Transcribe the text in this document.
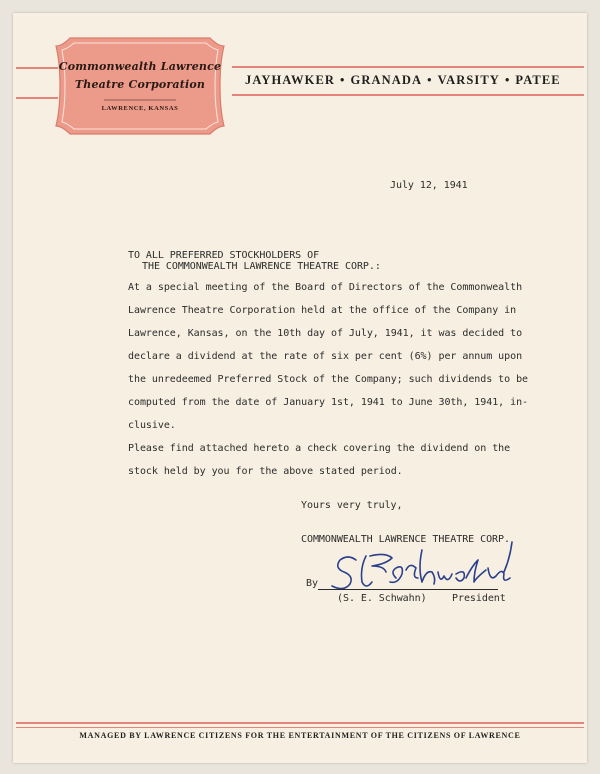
Commonwealth Lawrence
Theatre Corporation
LAWRENCE, KANSAS
JAYHAWKER • GRANADA • VARSITY • PATEE
July 12, 1941
TO ALL PREFERRED STOCKHOLDERS OF
THE COMMONWEALTH LAWRENCE THEATRE CORP.:
At a special meeting of the Board of Directors of the Commonwealth
Lawrence Theatre Corporation held at the office of the Company in
Lawrence, Kansas, on the 10th day of July, 1941, it was decided to
declare a dividend at the rate of six per cent (6%) per annum upon
the unredeemed Preferred Stock of the Company; such dividends to be
computed from the date of January 1st, 1941 to June 30th, 1941, in-
clusive.
Please find attached hereto a check covering the dividend on the
stock held by you for the above stated period.
Yours very truly,
COMMONWEALTH LAWRENCE THEATRE CORP.
By
(S. E. Schwahn)	President
MANAGED BY LAWRENCE CITIZENS FOR THE ENTERTAINMENT OF THE CITIZENS OF LAWRENCE
